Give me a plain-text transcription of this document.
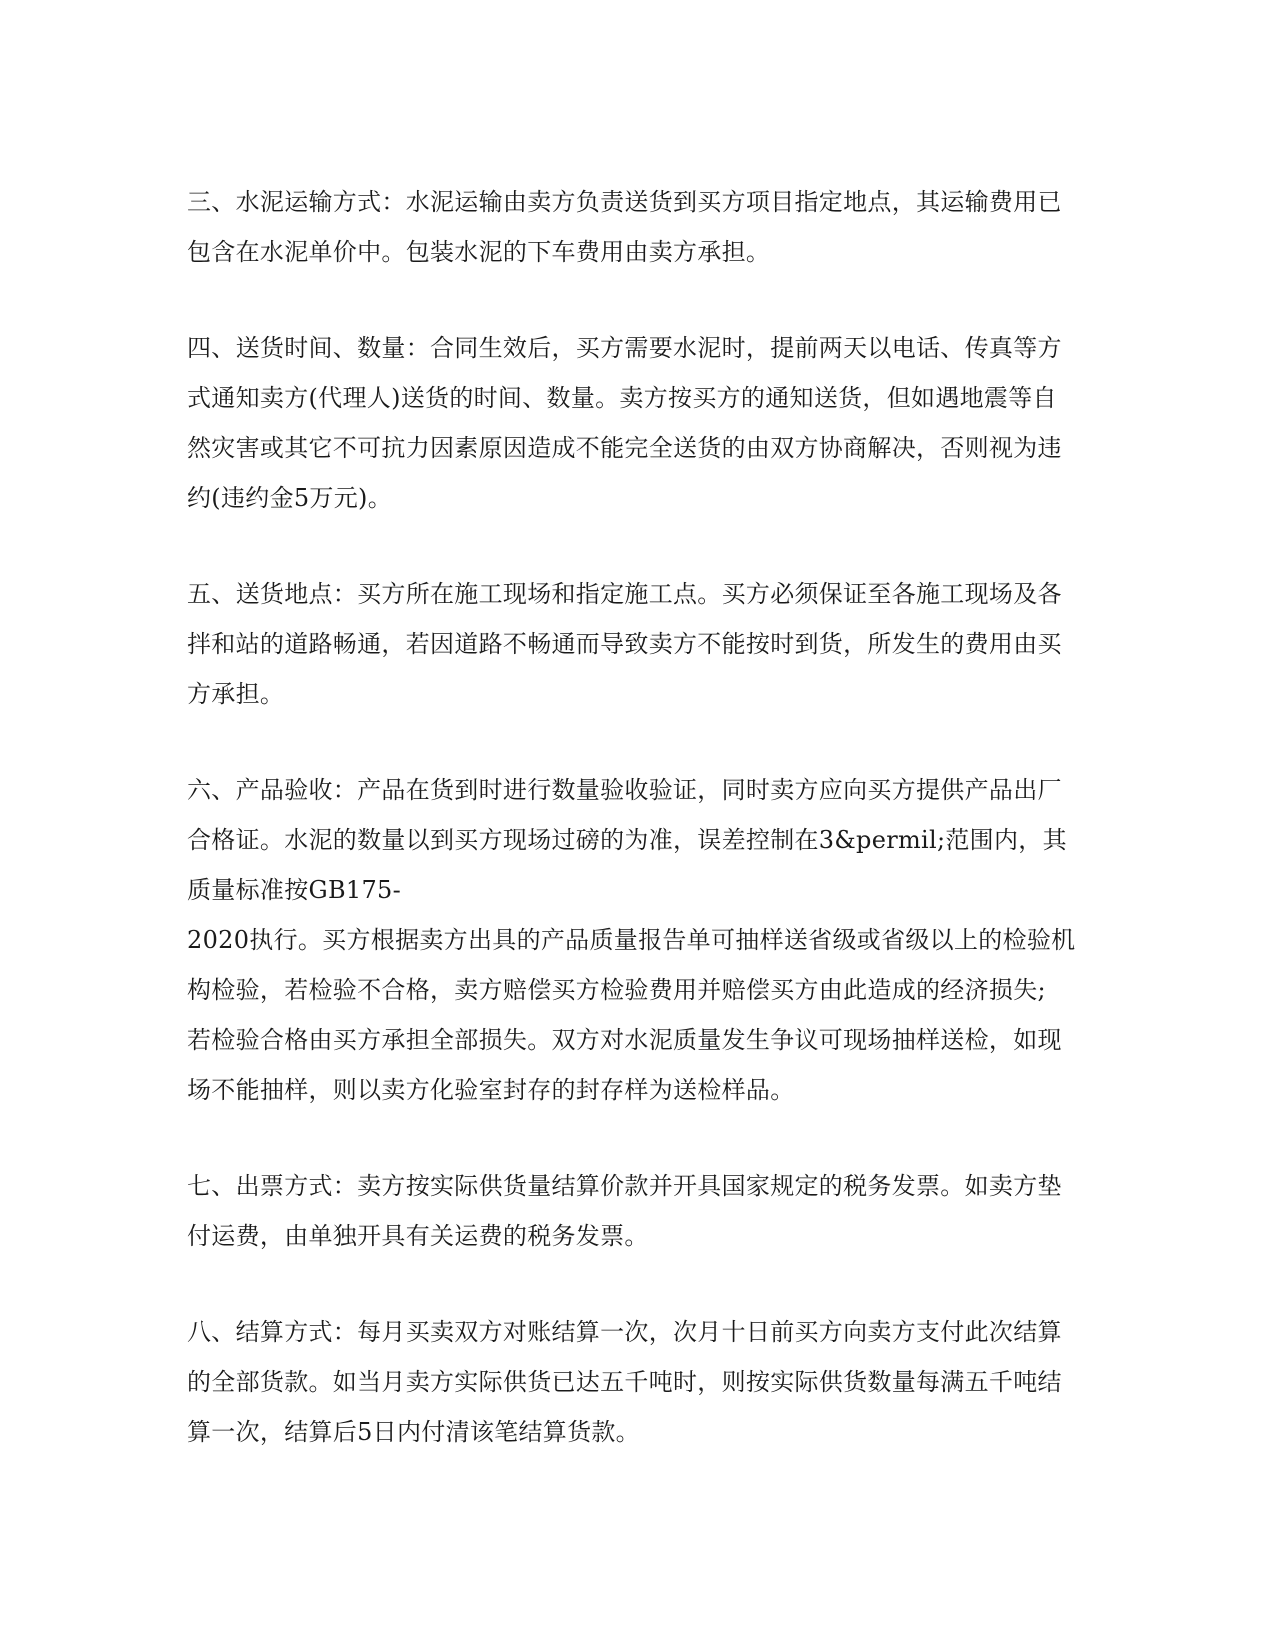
三、水泥运输方式：水泥运输由卖方负责送货到买方项目指定地点，其运输费用已
包含在水泥单价中。包装水泥的下车费用由卖方承担。
四、送货时间、数量：合同生效后，买方需要水泥时，提前两天以电话、传真等方
式通知卖方(代理人)送货的时间、数量。卖方按买方的通知送货，但如遇地震等自
然灾害或其它不可抗力因素原因造成不能完全送货的由双方协商解决，否则视为违
约(违约金5万元)。
五、送货地点：买方所在施工现场和指定施工点。买方必须保证至各施工现场及各
拌和站的道路畅通，若因道路不畅通而导致卖方不能按时到货，所发生的费用由买
方承担。
六、产品验收：产品在货到时进行数量验收验证，同时卖方应向买方提供产品出厂
合格证。水泥的数量以到买方现场过磅的为准，误差控制在3&permil;范围内，其
质量标准按GB175-
2020执行。买方根据卖方出具的产品质量报告单可抽样送省级或省级以上的检验机
构检验，若检验不合格，卖方赔偿买方检验费用并赔偿买方由此造成的经济损失;
若检验合格由买方承担全部损失。双方对水泥质量发生争议可现场抽样送检，如现
场不能抽样，则以卖方化验室封存的封存样为送检样品。
七、出票方式：卖方按实际供货量结算价款并开具国家规定的税务发票。如卖方垫
付运费，由单独开具有关运费的税务发票。
八、结算方式：每月买卖双方对账结算一次，次月十日前买方向卖方支付此次结算
的全部货款。如当月卖方实际供货已达五千吨时，则按实际供货数量每满五千吨结
算一次，结算后5日内付清该笔结算货款。
